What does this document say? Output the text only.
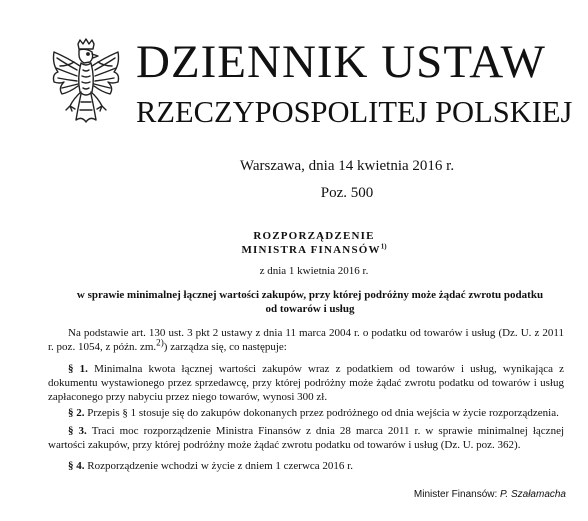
DZIENNIK USTAW
RZECZYPOSPOLITEJ POLSKIEJ
Warszawa, dnia 14 kwietnia 2016 r.
Poz. 500
ROZPORZĄDZENIE
MINISTRA FINANSÓW$^{1)}$
z dnia 1 kwietnia 2016 r.
w sprawie minimalnej łącznej wartości zakupów, przy której podróżny może żądać zwrotu podatku
od towarów i usług
Na podstawie art. 130 ust. 3 pkt 2 ustawy z dnia 11 marca 2004 r. o podatku od towarów i usług (Dz. U. z 2011 r. poz. 1054, z późn. zm.$^{2)}$) zarządza się, co następuje:
§ 1. Minimalna kwota łącznej wartości zakupów wraz z podatkiem od towarów i usług, wynikająca z dokumentu wystawionego przez sprzedawcę, przy której podróżny może żądać zwrotu podatku od towarów i usług zapłaconego przy nabyciu przez niego towarów, wynosi 300 zł.
§ 2. Przepis § 1 stosuje się do zakupów dokonanych przez podróżnego od dnia wejścia w życie rozporządzenia.
§ 3. Traci moc rozporządzenie Ministra Finansów z dnia 28 marca 2011 r. w sprawie minimalnej łącznej wartości zakupów, przy której podróżny może żądać zwrotu podatku od towarów i usług (Dz. U. poz. 362).
§ 4. Rozporządzenie wchodzi w życie z dniem 1 czerwca 2016 r.
Minister Finansów: P. Szałamacha
